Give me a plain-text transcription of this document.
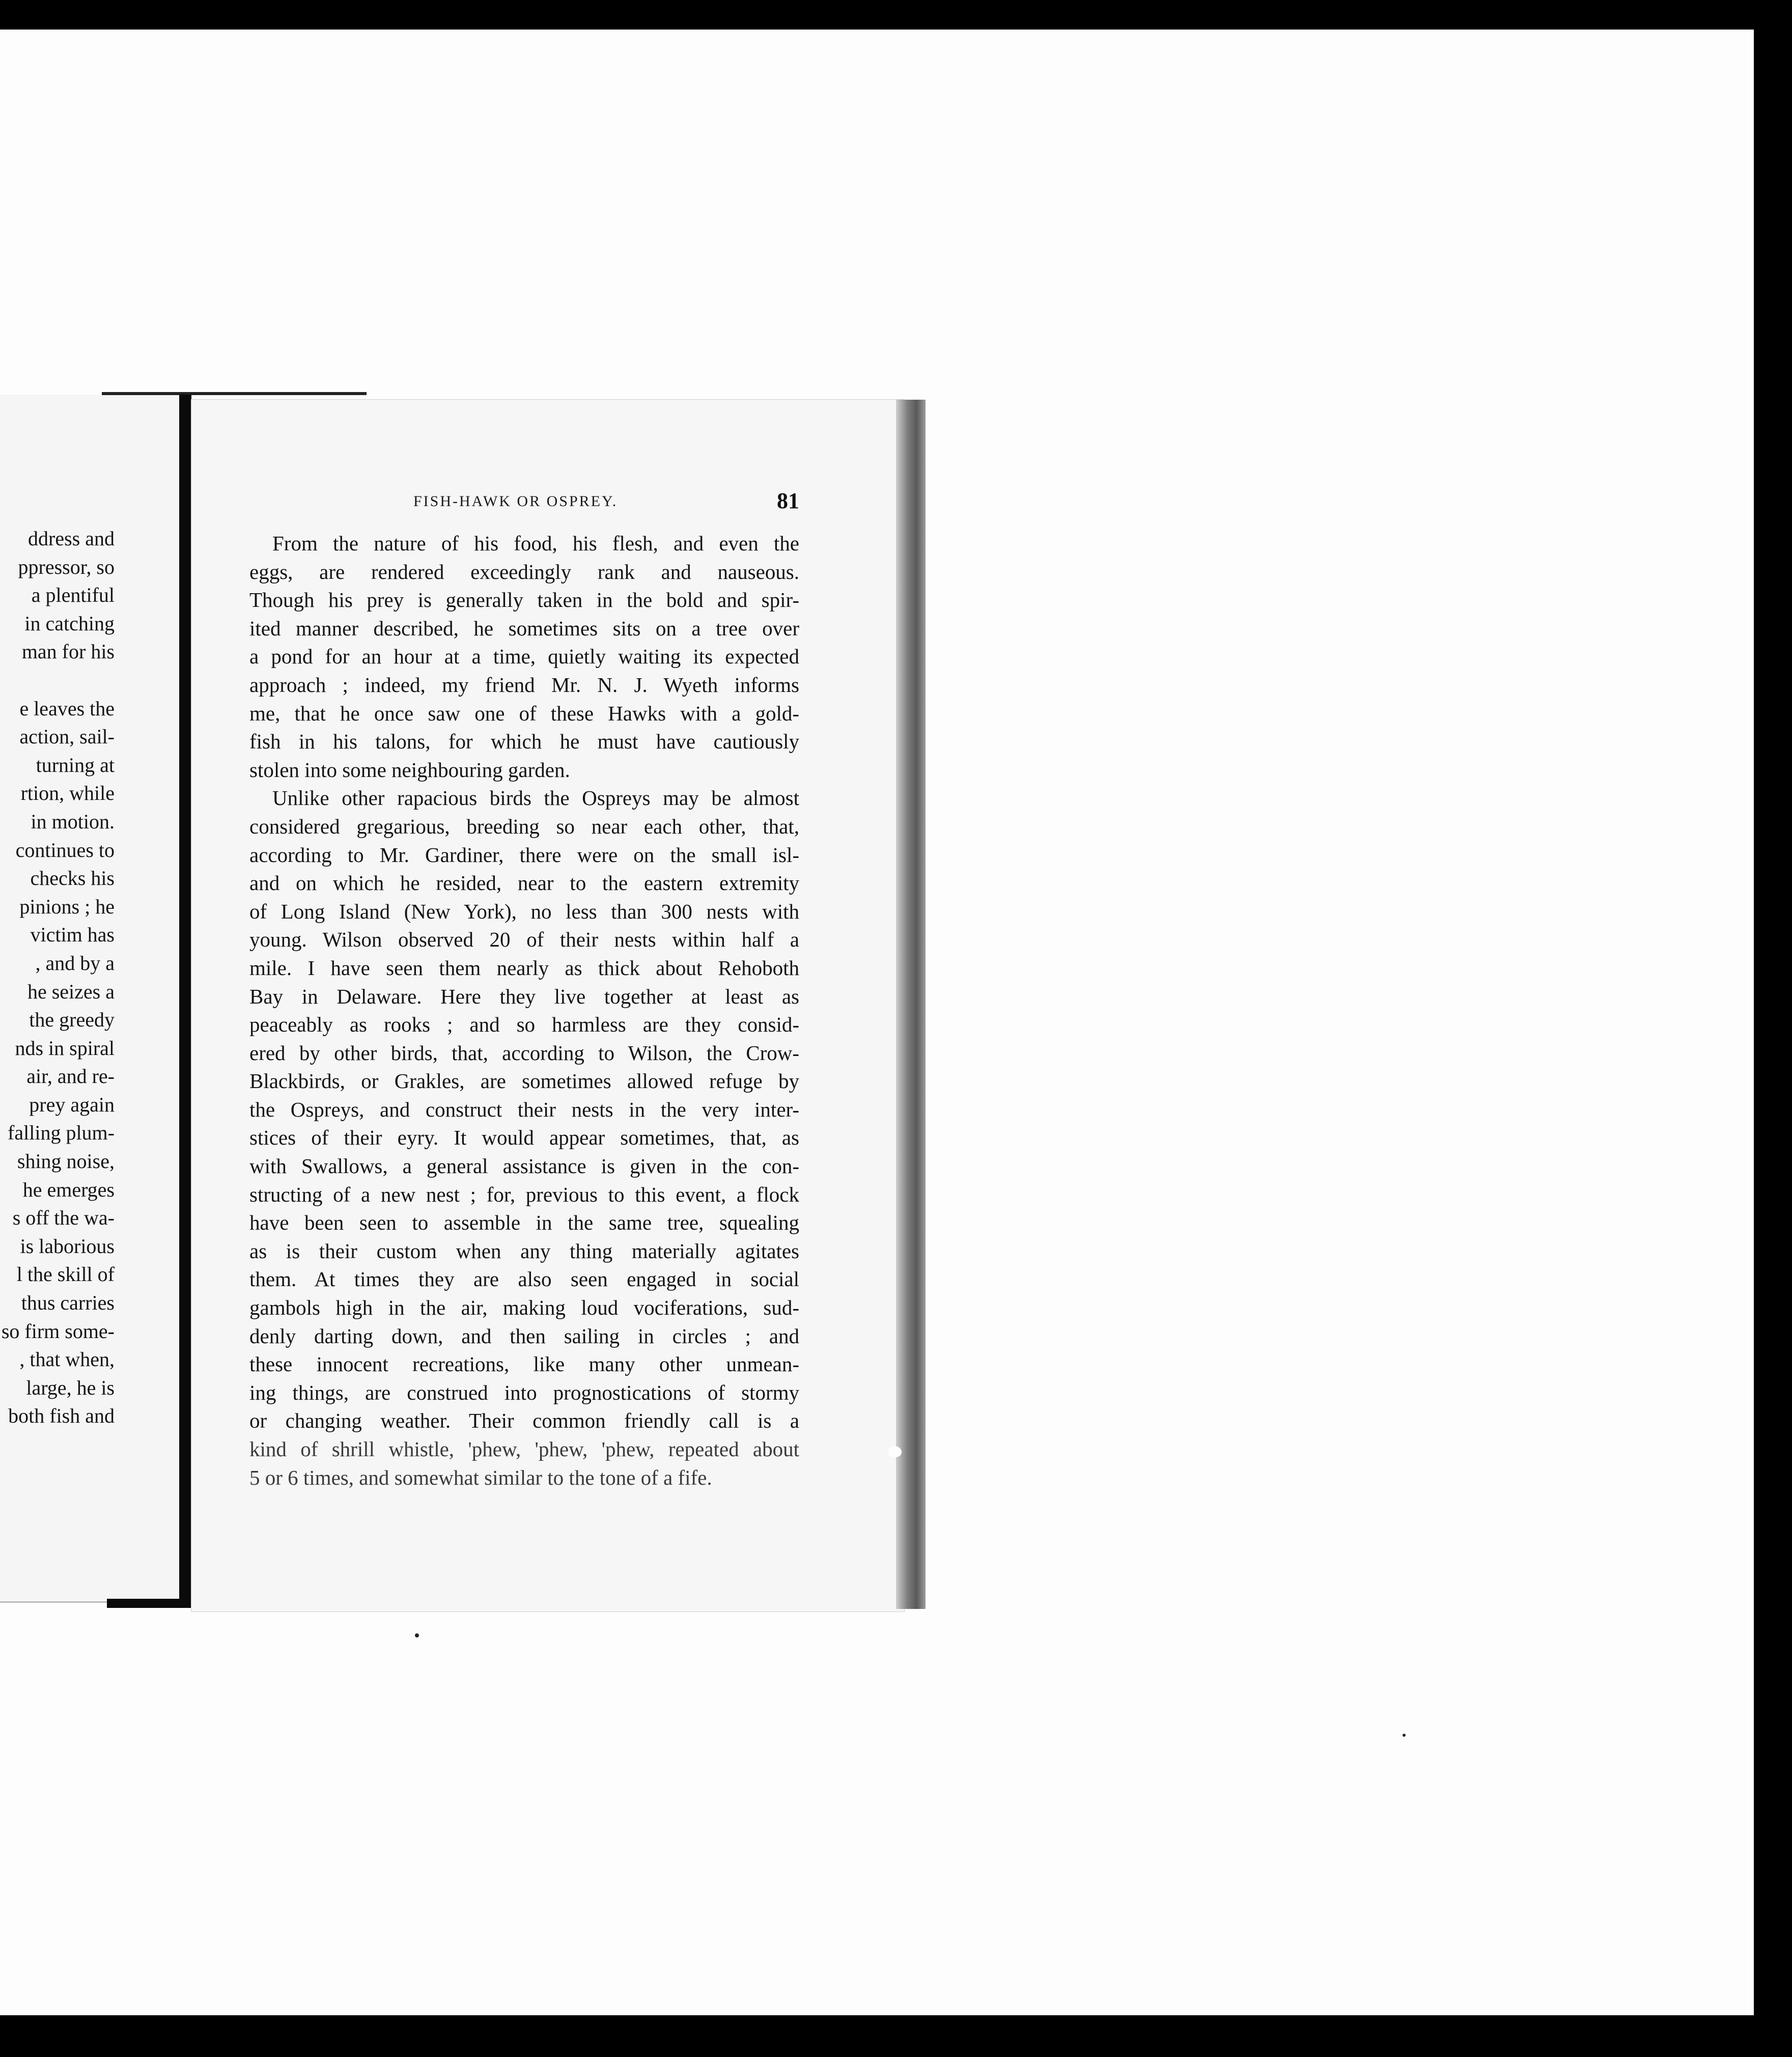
ddress and
ppressor, so
a plentiful
in catching
man for his

e leaves the
action, sail-
turning at
rtion, while
in motion.
continues to
checks his
pinions ; he
victim has
, and by a
he seizes a
the greedy
nds in spiral
air, and re-
prey again
falling plum-
shing noise,
he emerges
s off the wa-
is laborious
l the skill of
thus carries
so firm some-
, that when,
large, he is
both fish and
FISH-HAWK OR OSPREY.	81
From the nature of his food, his flesh, and even the
eggs, are rendered exceedingly rank and nauseous.
Though his prey is generally taken in the bold and spir-
ited manner described, he sometimes sits on a tree over
a pond for an hour at a time, quietly waiting its expected
approach ; indeed, my friend Mr. N. J. Wyeth informs
me, that he once saw one of these Hawks with a gold-
fish in his talons, for which he must have cautiously
stolen into some neighbouring garden.
Unlike other rapacious birds the Ospreys may be almost
considered gregarious, breeding so near each other, that,
according to Mr. Gardiner, there were on the small isl-
and on which he resided, near to the eastern extremity
of Long Island (New York), no less than 300 nests with
young. Wilson observed 20 of their nests within half a
mile. I have seen them nearly as thick about Rehoboth
Bay in Delaware. Here they live together at least as
peaceably as rooks ; and so harmless are they consid-
ered by other birds, that, according to Wilson, the Crow-
Blackbirds, or Grakles, are sometimes allowed refuge by
the Ospreys, and construct their nests in the very inter-
stices of their eyry. It would appear sometimes, that, as
with Swallows, a general assistance is given in the con-
structing of a new nest ; for, previous to this event, a flock
have been seen to assemble in the same tree, squealing
as is their custom when any thing materially agitates
them. At times they are also seen engaged in social
gambols high in the air, making loud vociferations, sud-
denly darting down, and then sailing in circles ; and
these innocent recreations, like many other unmean-
ing things, are construed into prognostications of stormy
or changing weather. Their common friendly call is a
kind of shrill whistle, 'phew, 'phew, 'phew, repeated about
5 or 6 times, and somewhat similar to the tone of a fife.
